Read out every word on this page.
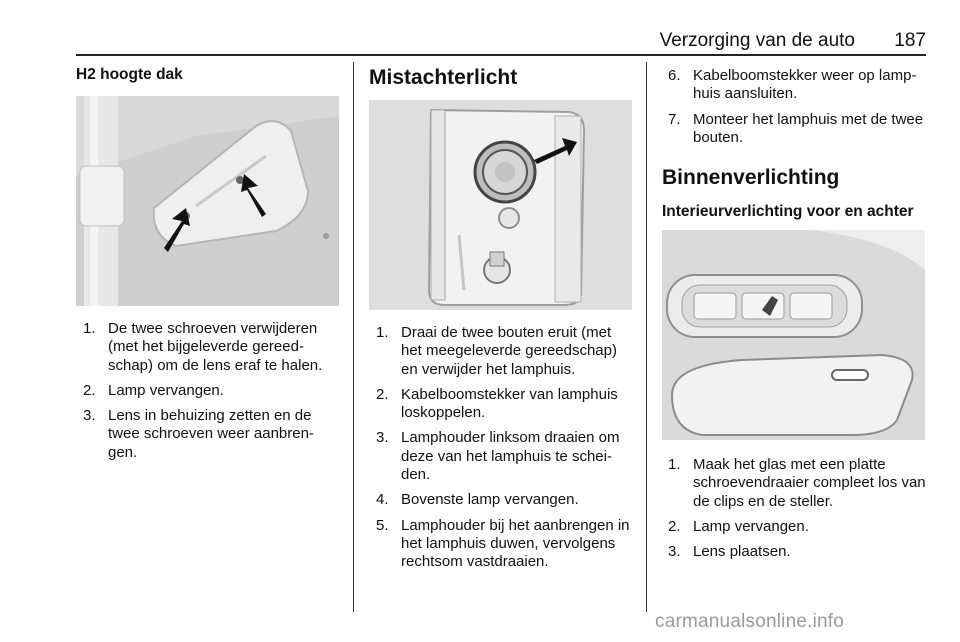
Verzorging van de auto	187
H2 hoogte dak
1. De twee schroeven verwijderen (met het bijgeleverde gereedschap) om de lens eraf te halen.
2. Lamp vervangen.
3. Lens in behuizing zetten en de twee schroeven weer aanbrengen.
Mistachterlicht
1. Draai de twee bouten eruit (met het meegeleverde gereedschap) en verwijder het lamphuis.
2. Kabelboomstekker van lamphuis loskoppelen.
3. Lamphouder linksom draaien om deze van het lamphuis te scheiden.
4. Bovenste lamp vervangen.
5. Lamphouder bij het aanbrengen in het lamphuis duwen, vervolgens rechtsom vastdraaien.
6. Kabelboomstekker weer op lamphuis aansluiten.
7. Monteer het lamphuis met de twee bouten.
Binnenverlichting
Interieurverlichting voor en achter
1. Maak het glas met een platte schroevendraaier compleet los van de clips en de steller.
2. Lamp vervangen.
3. Lens plaatsen.
carmanualsonline.info
